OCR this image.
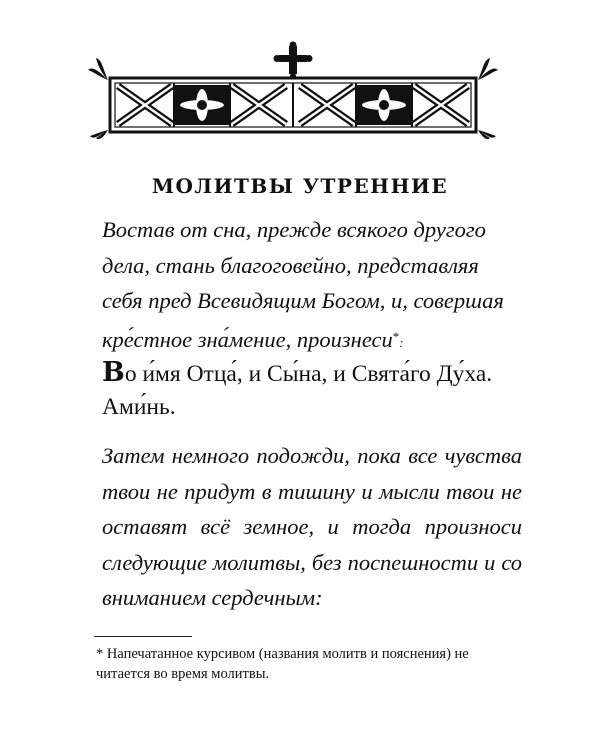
МОЛИТВЫ УТРЕННИЕ
Востав от сна, прежде всякого другого дела, стань благоговейно, представляя себя пред Всевидящим Богом, и, совершая кре́стное зна́мение, произнеси*:
Во и́мя Отца́, и Сы́на, и Свята́го Ду́ха. Ами́нь.
Затем немного подожди, пока все чувства твои не придут в тишину и мысли твои не оставят всё земное, и тогда произноси следующие молитвы, без поспешности и со вниманием сердечным:
* Напечатанное курсивом (названия молитв и пояснения) не читается во время молитвы.
